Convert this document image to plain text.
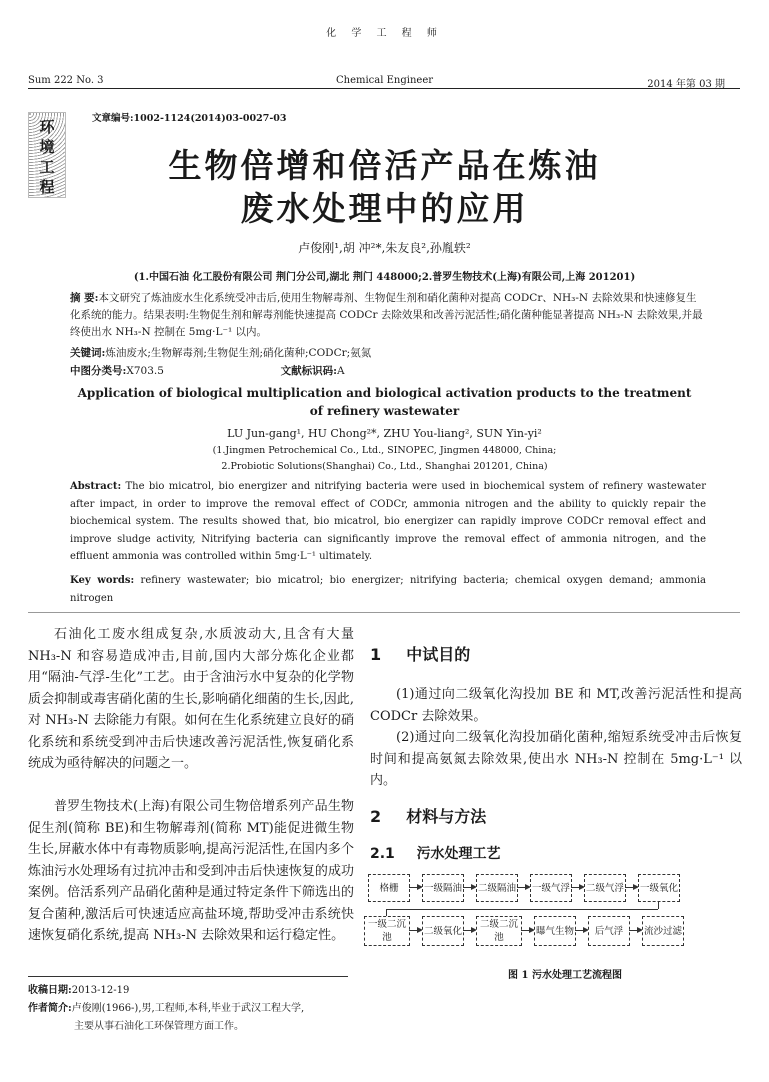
化 学 工 程 师
Sum 222 No. 3	Chemical Engineer	2014 年第 03 期
环
境
工
程
文章编号:1002-1124(2014)03-0027-03
生物倍增和倍活产品在炼油
废水处理中的应用
卢俊刚¹,胡 冲²*,朱友良²,孙胤轶²
(1.中国石油 化工股份有限公司 荆门分公司,湖北 荆门 448000;2.普罗生物技术(上海)有限公司,上海 201201)
摘 要:本文研究了炼油废水生化系统受冲击后,使用生物解毒剂、生物促生剂和硝化菌种对提高 CODCr、NH₃-N 去除效果和快速修复生化系统的能力。结果表明:生物促生剂和解毒剂能快速提高 CODCr 去除效果和改善污泥活性;硝化菌种能显著提高 NH₃-N 去除效果,并最终使出水 NH₃-N 控制在 5mg·L⁻¹ 以内。
关键词:炼油废水;生物解毒剂;生物促生剂;硝化菌种;CODCr;氨氮
中图分类号:X703.5	文献标识码:A
Application of biological multiplication and biological activation products to the treatment
of refinery wastewater
LU Jun-gang¹, HU Chong²*, ZHU You-liang², SUN Yin-yi²
(1.Jingmen Petrochemical Co., Ltd., SINOPEC, Jingmen 448000, China;
2.Probiotic Solutions(Shanghai) Co., Ltd., Shanghai 201201, China)
Abstract: The bio micatrol, bio energizer and nitrifying bacteria were used in biochemical system of refinery wastewater after impact, in order to improve the removal effect of CODCr, ammonia nitrogen and the ability to quickly repair the biochemical system. The results showed that, bio micatrol, bio energizer can rapidly improve CODCr removal effect and improve sludge activity, Nitrifying bacteria can significantly improve the removal effect of ammonia nitrogen, and the effluent ammonia was controlled within 5mg·L⁻¹ ultimately.
Key words: refinery wastewater; bio micatrol; bio energizer; nitrifying bacteria; chemical oxygen demand; ammonia nitrogen
石油化工废水组成复杂,水质波动大,且含有大量 NH₃-N 和容易造成冲击,目前,国内大部分炼化企业都用“隔油-气浮-生化”工艺。由于含油污水中复杂的化学物质会抑制或毒害硝化菌的生长,影响硝化细菌的生长,因此,对 NH₃-N 去除能力有限。如何在生化系统建立良好的硝化系统和系统受到冲击后快速改善污泥活性,恢复硝化系统成为亟待解决的问题之一。
普罗生物技术(上海)有限公司生物倍增系列产品生物促生剂(简称 BE)和生物解毒剂(简称 MT)能促进微生物生长,屏蔽水体中有毒物质影响,提高污泥活性,在国内多个炼油污水处理场有过抗冲击和受到冲击后快速恢复的成功案例。倍活系列产品硝化菌种是通过特定条件下筛选出的复合菌种,激活后可快速适应高盐环境,帮助受冲击系统快速恢复硝化系统,提高 NH₃-N 去除效果和运行稳定性。
收稿日期:2013-12-19
作者简介:卢俊刚(1966-),男,工程师,本科,毕业于武汉工程大学,
主要从事石油化工环保管理方面工作。
1 中试目的
(1)通过向二级氧化沟投加 BE 和 MT,改善污泥活性和提高 CODCr 去除效果。
(2)通过向二级氧化沟投加硝化菌种,缩短系统受冲击后恢复时间和提高氨氮去除效果,使出水 NH₃-N 控制在 5mg·L⁻¹ 以内。
2 材料与方法
2.1 污水处理工艺
格栅	一级隔油 二级隔油 一级气浮 二级气浮 一级氧化
一级二沉池
二级氧化
二级二沉池
曝气生物	后气浮	流沙过滤
图 1 污水处理工艺流程图
